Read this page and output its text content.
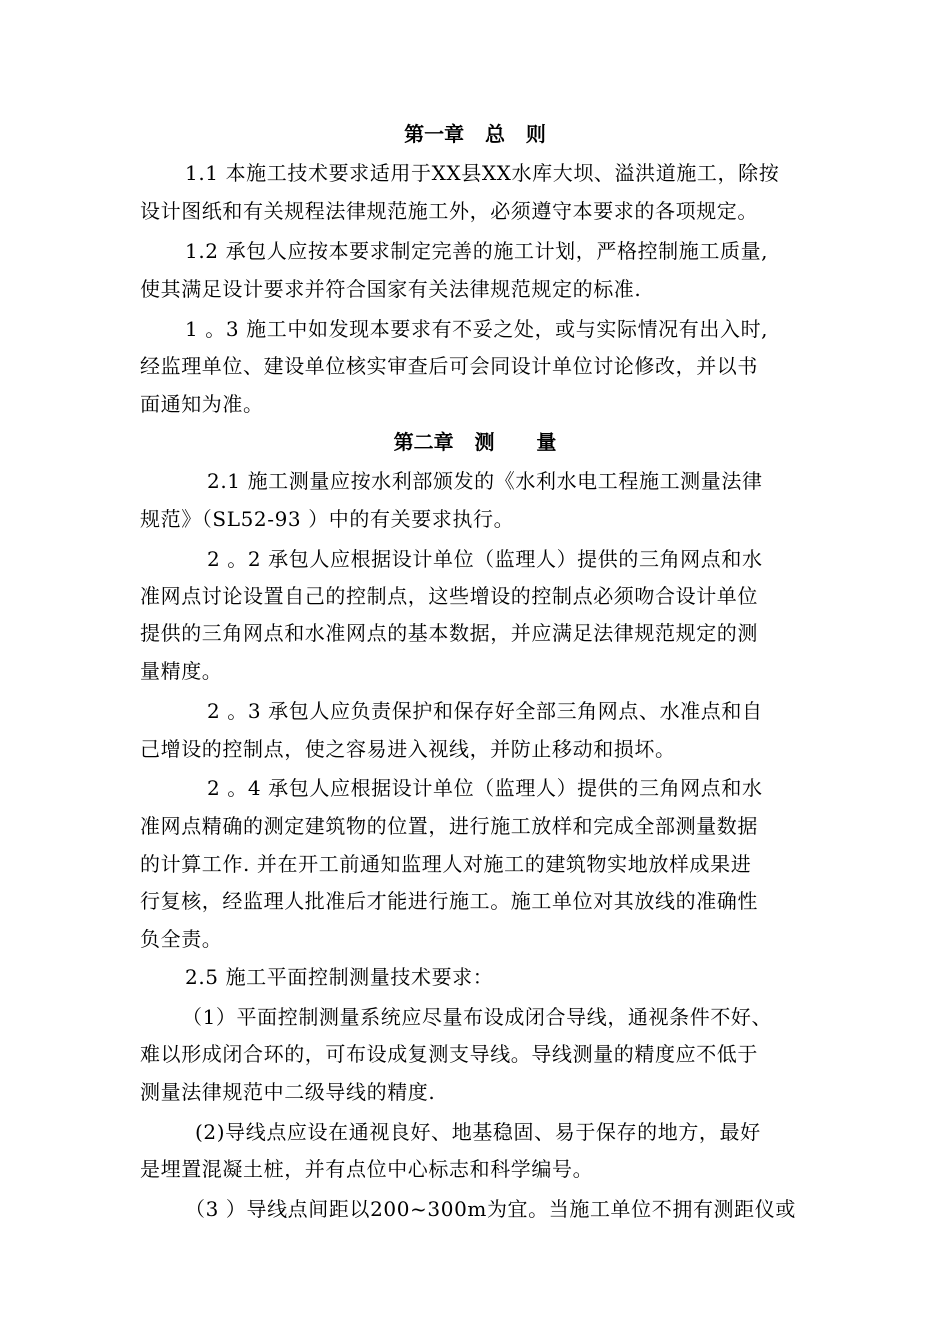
第一章   总   则
1.1 本施工技术要求适用于XX县XX水库大坝、溢洪道施工，除按
设计图纸和有关规程法律规范施工外，必须遵守本要求的各项规定。
1.2 承包人应按本要求制定完善的施工计划，严格控制施工质量,
使其满足设计要求并符合国家有关法律规范规定的标准.
1 。3 施工中如发现本要求有不妥之处，或与实际情况有出入时,
经监理单位、建设单位核实审查后可会同设计单位讨论修改，并以书
面通知为准。
第二章   测      量
2.1 施工测量应按水利部颁发的《水利水电工程施工测量法律
规范》（SL52-93 ）中的有关要求执行。
2 。2 承包人应根据设计单位（监理人）提供的三角网点和水
准网点讨论设置自己的控制点，这些增设的控制点必须吻合设计单位
提供的三角网点和水准网点的基本数据，并应满足法律规范规定的测
量精度。
2 。3 承包人应负责保护和保存好全部三角网点、水准点和自
己增设的控制点，使之容易进入视线，并防止移动和损坏。
2 。4 承包人应根据设计单位（监理人）提供的三角网点和水
准网点精确的测定建筑物的位置，进行施工放样和完成全部测量数据
的计算工作. 并在开工前通知监理人对施工的建筑物实地放样成果进
行复核，经监理人批准后才能进行施工。施工单位对其放线的准确性
负全责。
2.5 施工平面控制测量技术要求：
（1）平面控制测量系统应尽量布设成闭合导线，通视条件不好、
难以形成闭合环的，可布设成复测支导线。导线测量的精度应不低于
测量法律规范中二级导线的精度.
(2)导线点应设在通视良好、地基稳固、易于保存的地方，最好
是埋置混凝土桩，并有点位中心标志和科学编号。
（3 ）导线点间距以200~300m为宜。当施工单位不拥有测距仪或
